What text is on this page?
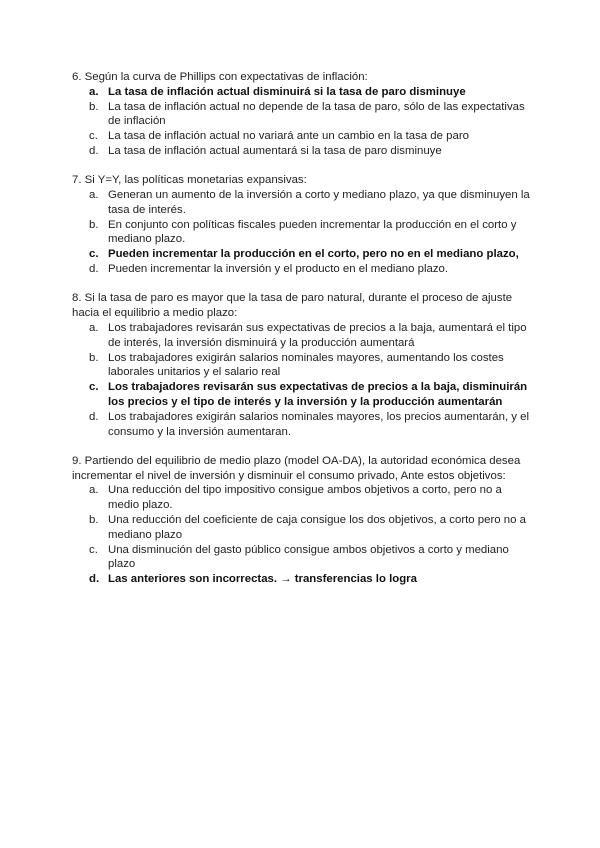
6. Según la curva de Phillips con expectativas de inflación:

a. La tasa de inflación actual disminuirá si la tasa de paro disminuye
b. La tasa de inflación actual no depende de la tasa de paro, sólo de las expectativas de inflación
c. La tasa de inflación actual no variará ante un cambio en la tasa de paro
d. La tasa de inflación actual aumentará si la tasa de paro disminuye

7. Si Y=Y, las políticas monetarias expansivas:

a. Generan un aumento de la inversión a corto y mediano plazo, ya que disminuyen la tasa de interés.
b. En conjunto con políticas fiscales pueden incrementar la producción en el corto y mediano plazo.
c. Pueden incrementar la producción en el corto, pero no en el mediano plazo,
d. Pueden incrementar la inversión y el producto en el mediano plazo.

8. Si la tasa de paro es mayor que la tasa de paro natural, durante el proceso de ajuste hacia el equilibrio a medio plazo:

a. Los trabajadores revisarán sus expectativas de precios a la baja, aumentará el tipo de interés, la inversión disminuirá y la producción aumentará
b. Los trabajadores exigirán salarios nominales mayores, aumentando los costes laborales unitarios y el salario real
c. Los trabajadores revisarán sus expectativas de precios a la baja, disminuirán los precios y el tipo de interés y la inversión y la producción aumentarán
d. Los trabajadores exigirán salarios nominales mayores, los precios aumentarán, y el consumo y la inversión aumentaran.

9. Partiendo del equilibrio de medio plazo (model OA-DA), la autoridad económica desea incrementar el nivel de inversión y disminuir el consumo privado, Ante estos objetivos:

a. Una reducción del tipo impositivo consigue ambos objetivos a corto, pero no a medio plazo.
b. Una reducción del coeficiente de caja consigue los dos objetivos, a corto pero no a mediano plazo
c. Una disminución del gasto público consigue ambos objetivos a corto y mediano plazo
d. Las anteriores son incorrectas. → transferencias lo logra
